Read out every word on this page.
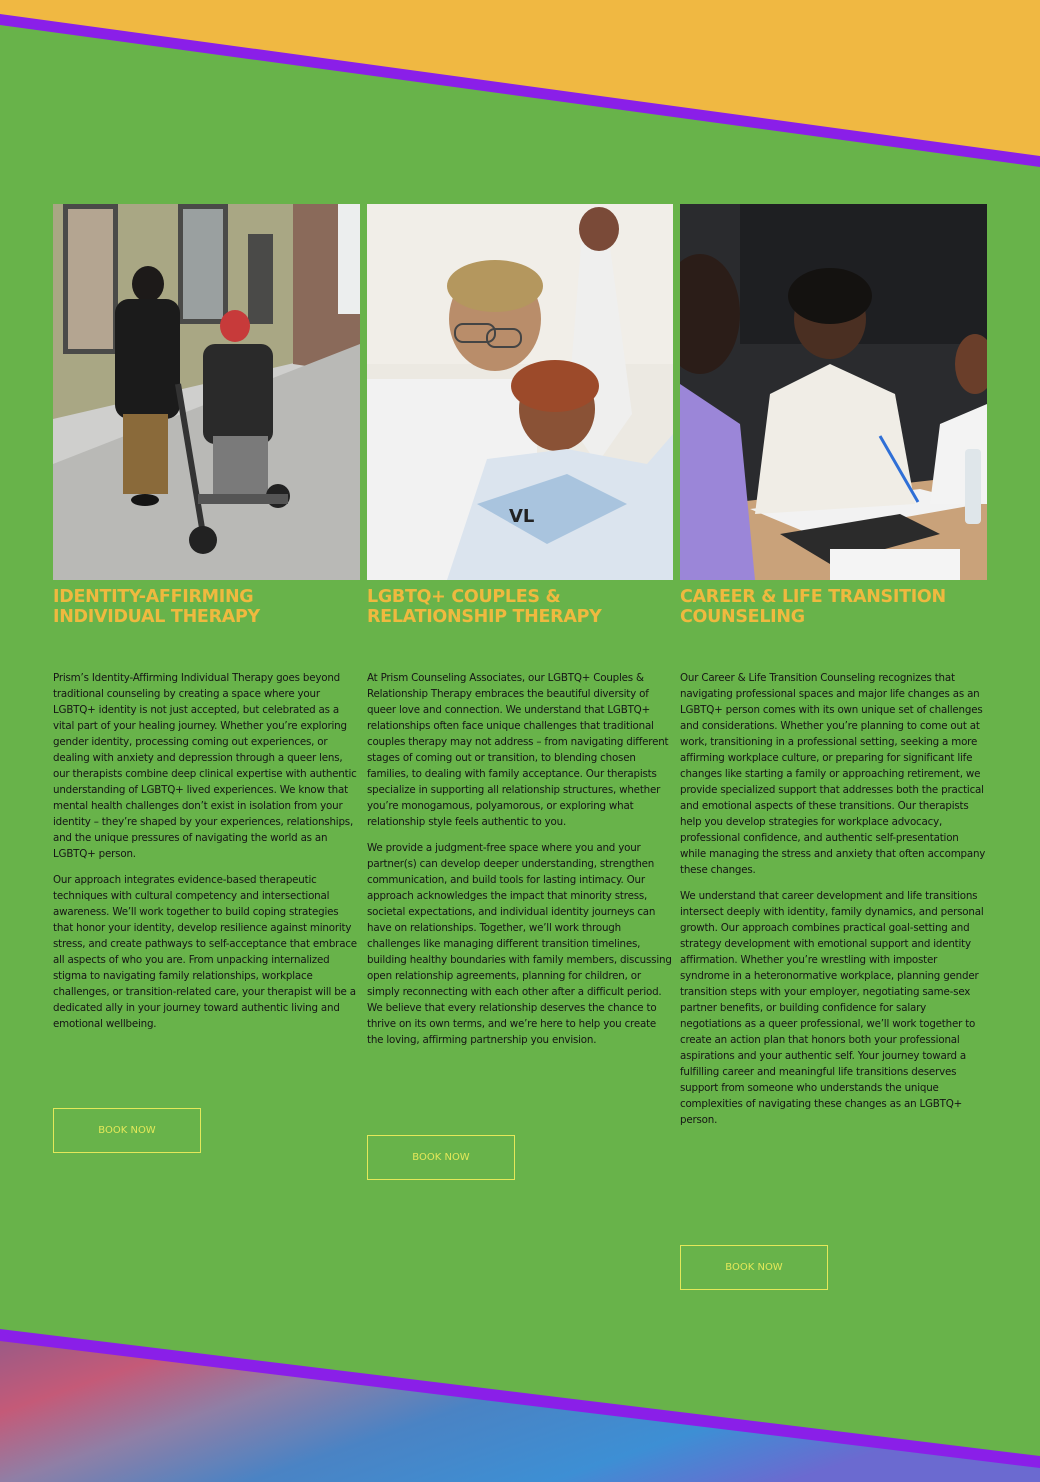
IDENTITY-AFFIRMING INDIVIDUAL THERAPY

Prism’s Identity-Affirming Individual Therapy goes beyond traditional counseling by creating a space where your LGBTQ+ identity is not just accepted, but celebrated as a vital part of your healing journey. Whether you’re exploring gender identity, processing coming out experiences, or dealing with anxiety and depression through a queer lens, our therapists combine deep clinical expertise with authentic understanding of LGBTQ+ lived experiences. We know that mental health challenges don’t exist in isolation from your identity – they’re shaped by your experiences, relationships, and the unique pressures of navigating the world as an LGBTQ+ person.

Our approach integrates evidence-based therapeutic techniques with cultural competency and intersectional awareness. We’ll work together to build coping strategies that honor your identity, develop resilience against minority stress, and create pathways to self-acceptance that embrace all aspects of who you are. From unpacking internalized stigma to navigating family relationships, workplace challenges, or transition-related care, your therapist will be a dedicated ally in your journey toward authentic living and emotional wellbeing.

BOOK NOW
VL
LGBTQ+ COUPLES & RELATIONSHIP THERAPY

At Prism Counseling Associates, our LGBTQ+ Couples & Relationship Therapy embraces the beautiful diversity of queer love and connection. We understand that LGBTQ+ relationships often face unique challenges that traditional couples therapy may not address – from navigating different stages of coming out or transition, to blending chosen families, to dealing with family acceptance. Our therapists specialize in supporting all relationship structures, whether you’re monogamous, polyamorous, or exploring what relationship style feels authentic to you.

We provide a judgment-free space where you and your partner(s) can develop deeper understanding, strengthen communication, and build tools for lasting intimacy. Our approach acknowledges the impact that minority stress, societal expectations, and individual identity journeys can have on relationships. Together, we’ll work through challenges like managing different transition timelines, building healthy boundaries with family members, discussing open relationship agreements, planning for children, or simply reconnecting with each other after a difficult period. We believe that every relationship deserves the chance to thrive on its own terms, and we’re here to help you create the loving, affirming partnership you envision.

BOOK NOW
CAREER & LIFE TRANSITION COUNSELING

Our Career & Life Transition Counseling recognizes that navigating professional spaces and major life changes as an LGBTQ+ person comes with its own unique set of challenges and considerations. Whether you’re planning to come out at work, transitioning in a professional setting, seeking a more affirming workplace culture, or preparing for significant life changes like starting a family or approaching retirement, we provide specialized support that addresses both the practical and emotional aspects of these transitions. Our therapists help you develop strategies for workplace advocacy, professional confidence, and authentic self-presentation while managing the stress and anxiety that often accompany these changes.

We understand that career development and life transitions intersect deeply with identity, family dynamics, and personal growth. Our approach combines practical goal-setting and strategy development with emotional support and identity affirmation. Whether you’re wrestling with imposter syndrome in a heteronormative workplace, planning gender transition steps with your employer, negotiating same-sex partner benefits, or building confidence for salary negotiations as a queer professional, we’ll work together to create an action plan that honors both your professional aspirations and your authentic self. Your journey toward a fulfilling career and meaningful life transitions deserves support from someone who understands the unique complexities of navigating these changes as an LGBTQ+ person.

BOOK NOW
